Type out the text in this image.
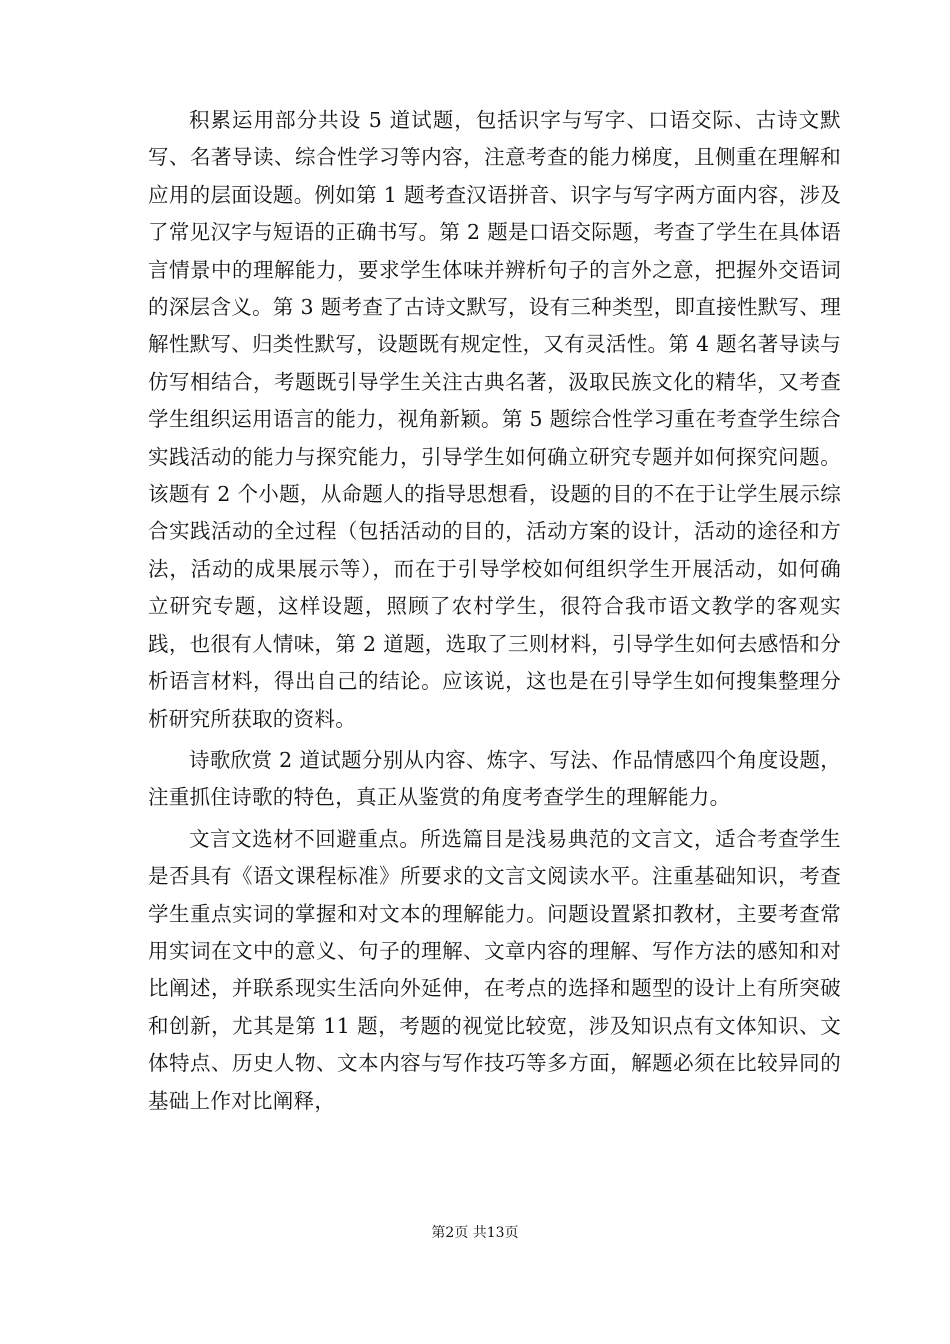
积累运用部分共设 5 道试题，包括识字与写字、口语交际、古诗文默写、名著导读、综合性学习等内容，注意考查的能力梯度，且侧重在理解和应用的层面设题。例如第 1 题考查汉语拼音、识字与写字两方面内容，涉及了常见汉字与短语的正确书写。第 2 题是口语交际题，考查了学生在具体语言情景中的理解能力，要求学生体味并辨析句子的言外之意，把握外交语词的深层含义。第 3 题考查了古诗文默写，设有三种类型，即直接性默写、理解性默写、归类性默写，设题既有规定性，又有灵活性。第 4 题名著导读与仿写相结合，考题既引导学生关注古典名著，汲取民族文化的精华，又考查学生组织运用语言的能力，视角新颖。第 5 题综合性学习重在考查学生综合实践活动的能力与探究能力，引导学生如何确立研究专题并如何探究问题。该题有 2 个小题，从命题人的指导思想看，设题的目的不在于让学生展示综合实践活动的全过程（包括活动的目的，活动方案的设计，活动的途径和方法，活动的成果展示等），而在于引导学校如何组织学生开展活动，如何确立研究专题，这样设题，照顾了农村学生，很符合我市语文教学的客观实践，也很有人情味，第 2 道题，选取了三则材料，引导学生如何去感悟和分析语言材料，得出自己的结论。应该说，这也是在引导学生如何搜集整理分析研究所获取的资料。

诗歌欣赏 2 道试题分别从内容、炼字、写法、作品情感四个角度设题，注重抓住诗歌的特色，真正从鉴赏的角度考查学生的理解能力。

文言文选材不回避重点。所选篇目是浅易典范的文言文，适合考查学生是否具有《语文课程标准》所要求的文言文阅读水平。注重基础知识，考查学生重点实词的掌握和对文本的理解能力。问题设置紧扣教材，主要考查常用实词在文中的意义、句子的理解、文章内容的理解、写作方法的感知和对比阐述，并联系现实生活向外延伸，在考点的选择和题型的设计上有所突破和创新，尤其是第 11 题，考题的视觉比较宽，涉及知识点有文体知识、文体特点、历史人物、文本内容与写作技巧等多方面，解题必须在比较异同的基础上作对比阐释，

第2页 共13页
